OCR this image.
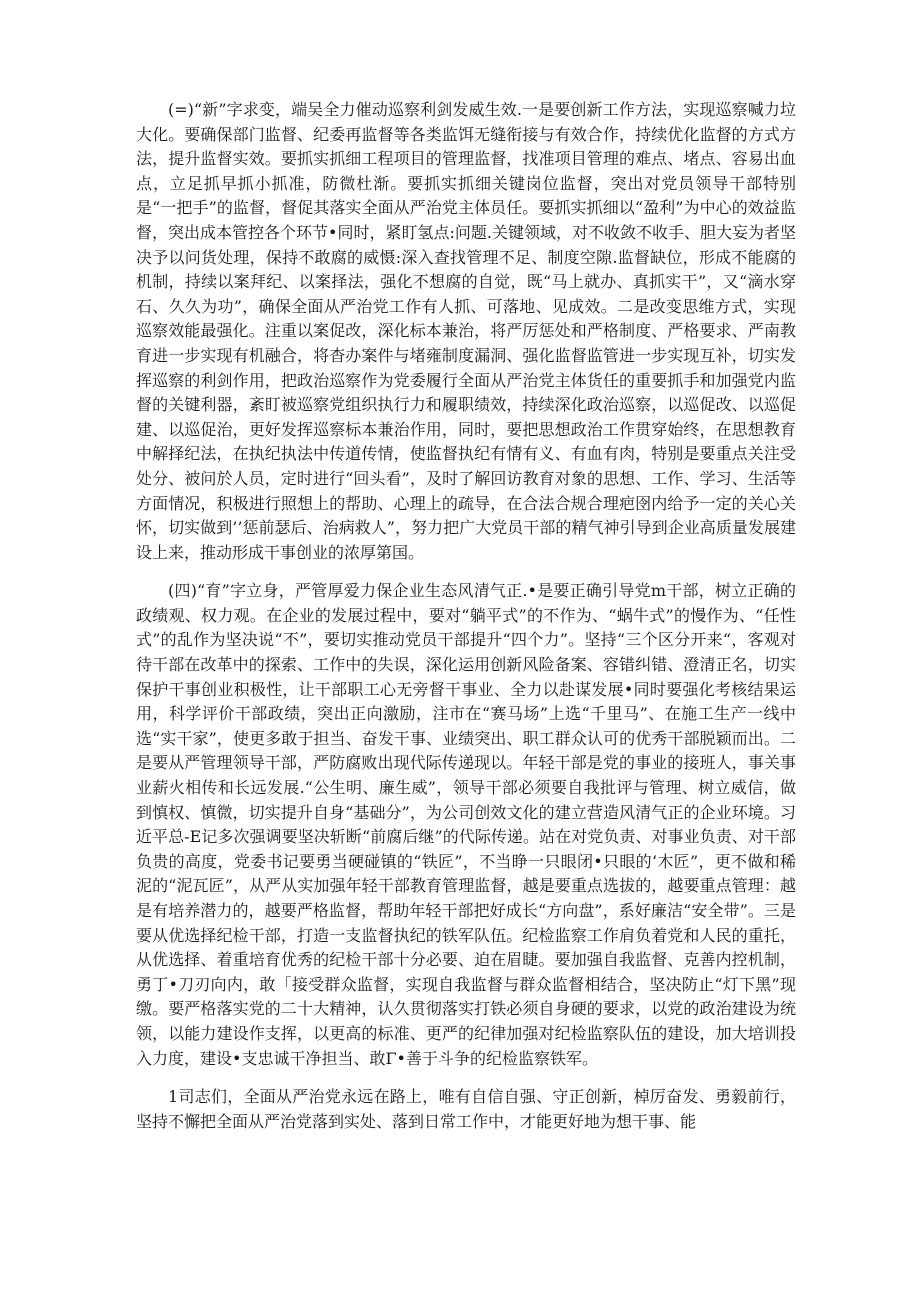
(=)“新”字求变，端吴全力催动巡察利剑发威生效.一是要创新工作方法，实现巡察喊力垃大化。要确保部门监督、纪委再监督等各类监饵无缝衔接与有效合作，持续优化监督的方式方法，提升监督实效。要抓实抓细工程项目的管理监督，找准项目管理的难点、堵点、容易出血点，立足抓早抓小抓准，防微杜渐。要抓实抓细关键岗位监督，突出对党员领导干部特别是“一把手”的监督，督促其落实全面从严治党主体员任。要抓实抓细以“盈利”为中心的效益监督，突出成本管控各个环节•同时，紧盯氢点:问题.关键领域，对不收敛不收手、胆大妄为者坚决予以问货处理，保持不敢腐的威慑:深入查找管理不足、制度空隙.监督缺位，形成不能腐的机制，持续以案拜纪、以案择法，强化不想腐的自觉，既“马上就办、真抓实干”，又“滴水穿石、久久为功”，确保全面从严治党工作有人抓、可落地、见成效。二是改变思维方式，实现巡察效能最强化。注重以案促改，深化标本兼治，将严厉惩处和严格制度、严格要求、严南教育进一步实现有机融合，将杳办案件与堵雍制度漏洞、强化监督监管进一步实现互补，切实发挥巡察的利剑作用，把政治巡察作为党委履行全面从严治党主体货任的重要抓手和加强党内监督的关键利器，紊盯被巡察党组织执行力和履职绩效，持续深化政治巡察，以巡促改、以巡促建、以巡促治，更好发挥巡察标本兼治作用，同时，要把思想政治工作贯穿始终，在思想教育中解择纪法，在执纪执法中传道传情，使监督执纪有情有义、有血有肉，特别是要重点关注受处分、被问於人员，定时进行“回头看”，及时了解回访教育对象的思想、工作、学习、生活等方面情况，积极进行照想上的帮助、心理上的疏导，在合法合规合理疤囹内给予一定的关心关怀，切实做到’’惩前瑟后、治病救人”，努力把广大党员干部的精气神引导到企业高质量发展建设上来，推动形成干事创业的浓厚第国。

(四)“育”字立身，严管厚爱力保企业生态风清气正.•是要正确引导党m干部，树立正确的政绩观、权力观。在企业的发展过程中，要对“躺平式”的不作为、“蜗牛式”的慢作为、“任性式”的乱作为坚决说“不”，要切实推动党员干部提升“四个力”。坚持“三个区分开来“，客观对待干部在改革中的探索、工作中的失误，深化运用创新风险备案、容错纠错、澄清正名，切实保护干事创业积极性，让干部职工心无旁督干事业、全力以赴谋发展•同时要强化考核结果运用，科学评价干部政绩，突出正向激励，注市在“赛马场”上选“千里马”、在施工生产一线中选“实干家”，使更多敢于担当、奋发干事、业绩突出、职工群众认可的优秀干部脱颖而出。二是要从严管理领导干部，严防腐败出现代际传递现以。年轻干部是党的事业的接班人，事关事业薪火相传和长远发展.“公生明、廉生威”，领导干部必须要自我批评与管理、树立威信，做到慎权、慎微，切实提升自身“基础分”，为公司创效文化的建立营造风清气正的企业环境。习近平总-E记多次强调要坚决斩断“前腐后继”的代际传递。站在对党负责、对事业负责、对干部负贵的高度，党委书记要勇当硬碰镇的“铁匠”，不当睁一只眼闭•只眼的‘木匠”，更不做和稀泥的“泥瓦匠”，从严从实加强年轻干部教育管理监督，越是要重点选拔的，越要重点管理：越是有培养潜力的，越要严格监督，帮助年轻干部把好成长“方向盘”，系好廉洁“安全带”。三是要从优选择纪检干部，打造一支监督执纪的铁军队伍。纪检监察工作肩负着党和人民的重托，从优选择、着重培育优秀的纪检干部十分必要、迫在眉睫。要加强自我监督、克善内控机制，勇丁•刀刃向内，敢「接受群众监督，实现自我监督与群众监督相结合，坚决防止“灯下黑”现缴。要严格落实党的二十大精神，认久贯彻落实打铁必须自身硬的要求，以党的政治建设为统领，以能力建设作支挥，以更高的标准、更严的纪律加强对纪检监察队伍的建设，加大培训投入力度，建设•支忠诚干净担当、敢Γ•善于斗争的纪检监察铁军。

1司志们，全面从严治党永远在路上，唯有自信自强、守正创新，棹厉奋发、勇毅前行，坚持不懈把全面从严治党落到实处、落到日常工作中，才能更好地为想干事、能
